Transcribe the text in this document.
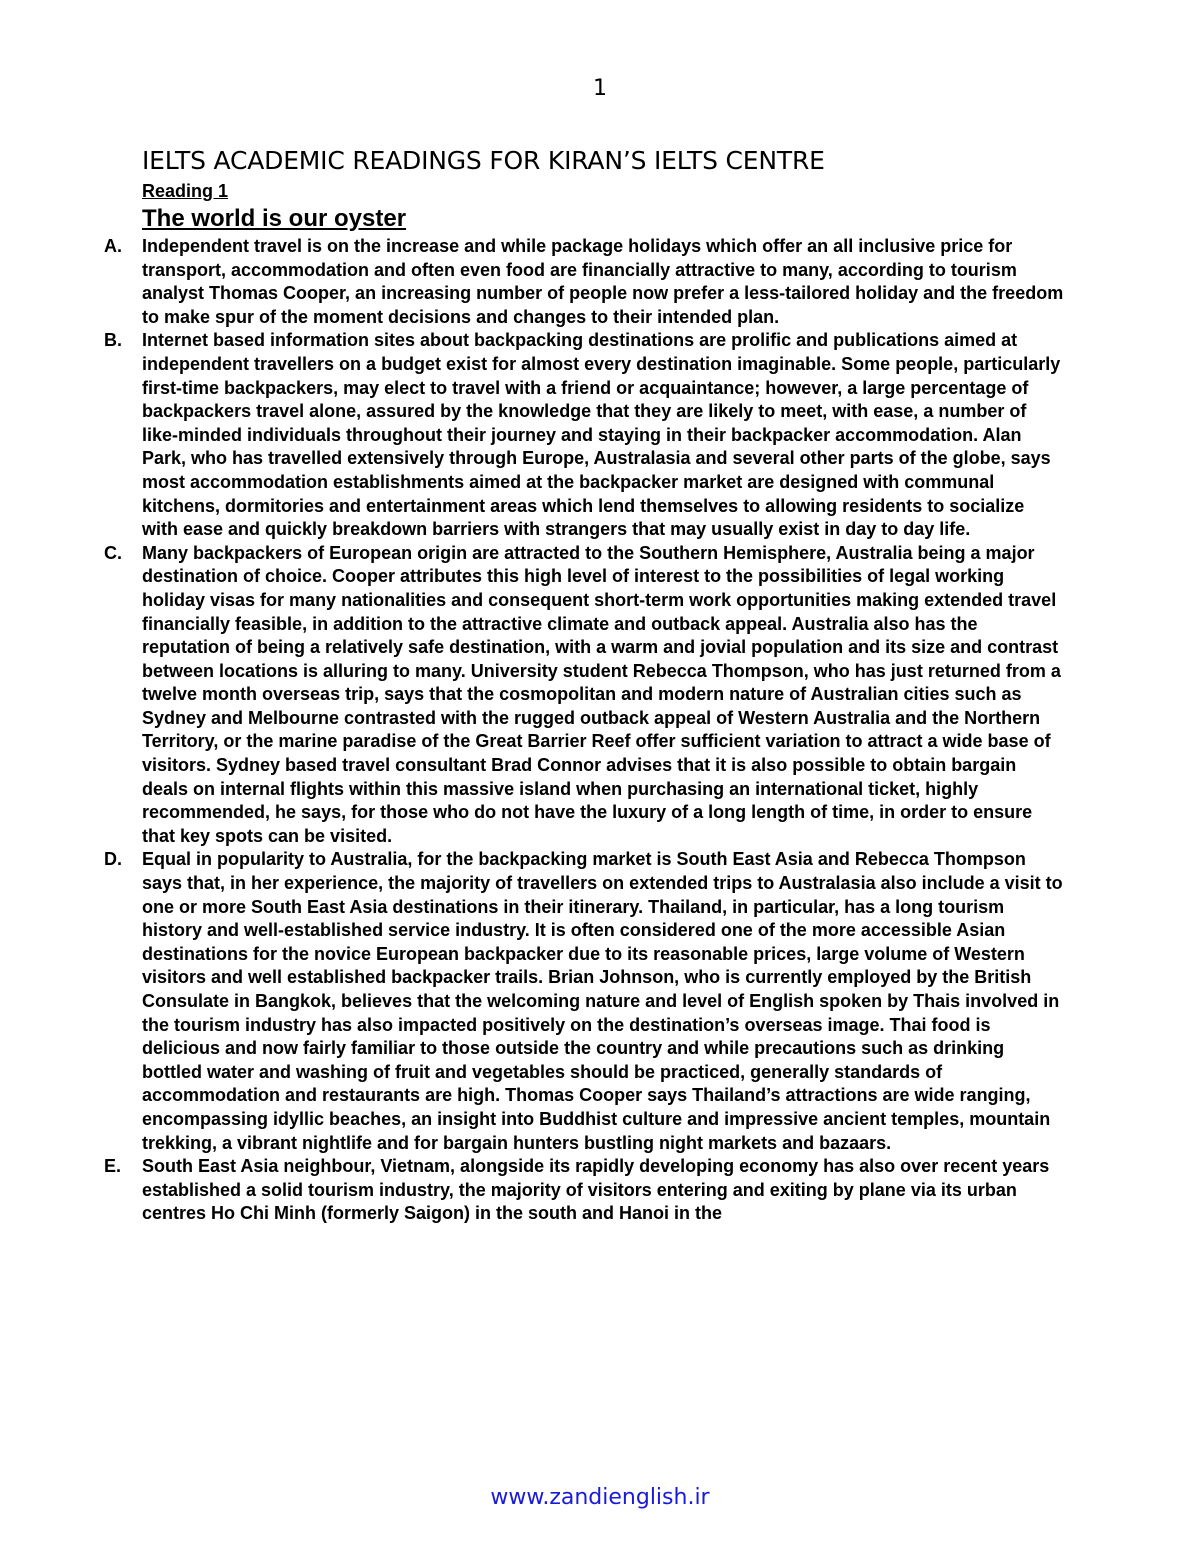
1
IELTS ACADEMIC READINGS FOR KIRAN’S IELTS CENTRE
Reading 1
The world is our oyster
A. Independent travel is on the increase and while package holidays which offer an all inclusive price for transport, accommodation and often even food are financially attractive to many, according to tourism analyst Thomas Cooper, an increasing number of people now prefer a less-tailored holiday and the freedom to make spur of the moment decisions and changes to their intended plan.
B. Internet based information sites about backpacking destinations are prolific and publications aimed at independent travellers on a budget exist for almost every destination imaginable. Some people, particularly first-time backpackers, may elect to travel with a friend or acquaintance; however, a large percentage of backpackers travel alone, assured by the knowledge that they are likely to meet, with ease, a number of like-minded individuals throughout their journey and staying in their backpacker accommodation. Alan Park, who has travelled extensively through Europe, Australasia and several other parts of the globe, says most accommodation establishments aimed at the backpacker market are designed with communal kitchens, dormitories and entertainment areas which lend themselves to allowing residents to socialize with ease and quickly breakdown barriers with strangers that may usually exist in day to day life.
C. Many backpackers of European origin are attracted to the Southern Hemisphere, Australia being a major destination of choice. Cooper attributes this high level of interest to the possibilities of legal working holiday visas for many nationalities and consequent short-term work opportunities making extended travel financially feasible, in addition to the attractive climate and outback appeal. Australia also has the reputation of being a relatively safe destination, with a warm and jovial population and its size and contrast between locations is alluring to many. University student Rebecca Thompson, who has just returned from a twelve month overseas trip, says that the cosmopolitan and modern nature of Australian cities such as Sydney and Melbourne contrasted with the rugged outback appeal of Western Australia and the Northern Territory, or the marine paradise of the Great Barrier Reef offer sufficient variation to attract a wide base of visitors. Sydney based travel consultant Brad Connor advises that it is also possible to obtain bargain deals on internal flights within this massive island when purchasing an international ticket, highly recommended, he says, for those who do not have the luxury of a long length of time, in order to ensure that key spots can be visited.
D. Equal in popularity to Australia, for the backpacking market is South East Asia and Rebecca Thompson says that, in her experience, the majority of travellers on extended trips to Australasia also include a visit to one or more South East Asia destinations in their itinerary. Thailand, in particular, has a long tourism history and well-established service industry. It is often considered one of the more accessible Asian destinations for the novice European backpacker due to its reasonable prices, large volume of Western visitors and well established backpacker trails. Brian Johnson, who is currently employed by the British Consulate in Bangkok, believes that the welcoming nature and level of English spoken by Thais involved in the tourism industry has also impacted positively on the destination’s overseas image. Thai food is delicious and now fairly familiar to those outside the country and while precautions such as drinking bottled water and washing of fruit and vegetables should be practiced, generally standards of accommodation and restaurants are high. Thomas Cooper says Thailand’s attractions are wide ranging, encompassing idyllic beaches, an insight into Buddhist culture and impressive ancient temples, mountain trekking, a vibrant nightlife and for bargain hunters bustling night markets and bazaars.
E. South East Asia neighbour, Vietnam, alongside its rapidly developing economy has also over recent years established a solid tourism industry, the majority of visitors entering and exiting by plane via its urban centres Ho Chi Minh (formerly Saigon) in the south and Hanoi in the
www.zandienglish.ir
